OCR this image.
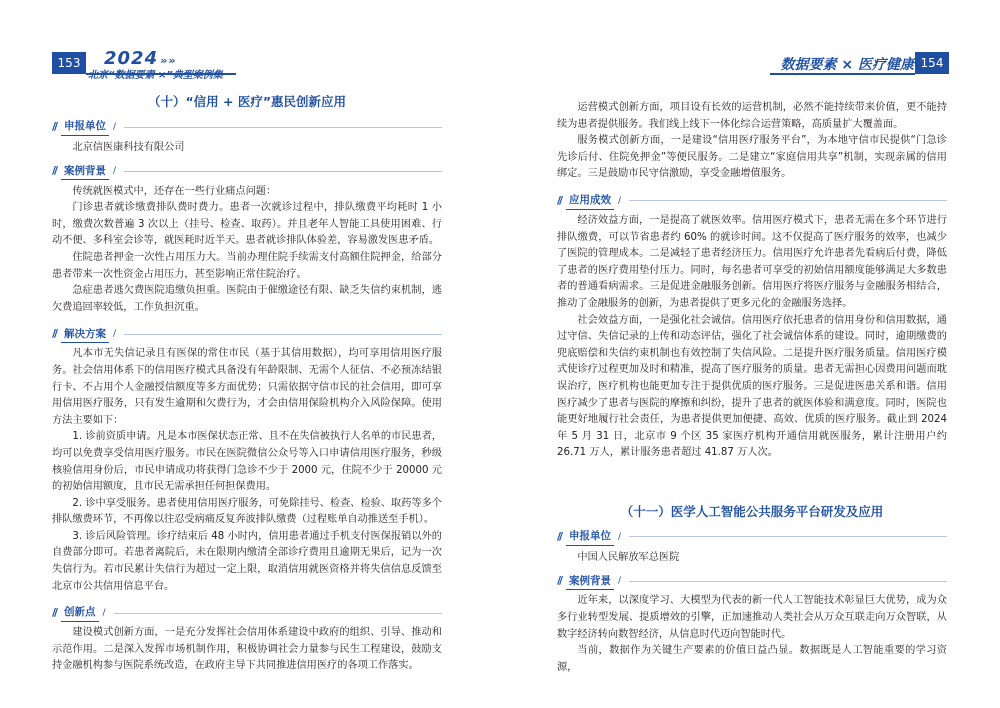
153	2024 »»
北京“数据要素 ×”典型案例集
数据要素 × 医疗健康 154
（十）“信用 + 医疗”惠民创新应用
// 申报单位 /

北京信医康科技有限公司

// 案例背景 /

传统就医模式中，还存在一些行业痛点问题：

门诊患者就诊缴费排队费时费力。患者一次就诊过程中，排队缴费平均耗时 1 小时，缴费次数普遍 3 次以上（挂号、检查、取药）。并且老年人智能工具使用困难、行动不便、多科室会诊等，就医耗时近半天。患者就诊排队体验差，容易激发医患矛盾。

住院患者押金一次性占用压力大。当前办理住院手续需支付高额住院押金，给部分患者带来一次性资金占用压力，甚至影响正常住院治疗。

急症患者逃欠费医院追缴负担重。医院由于催缴途径有限、缺乏失信约束机制，逃欠费追回率较低，工作负担沉重。

// 解决方案 /

凡本市无失信记录且有医保的常住市民（基于其信用数据），均可享用信用医疗服务。社会信用体系下的信用医疗模式具备没有年龄限制、无需个人征信、不必预冻结银行卡、不占用个人金融授信额度等多方面优势；只需依据守信市民的社会信用，即可享用信用医疗服务，只有发生逾期和欠费行为，才会由信用保险机构介入风险保障。使用方法主要如下：

1. 诊前资质申请。凡是本市医保状态正常、且不在失信被执行人名单的市民患者，均可以免费享受信用医疗服务。市民在医院微信公众号等入口申请信用医疗服务，秒级核验信用身份后，市民申请成功将获得门急诊不少于 2000 元，住院不少于 20000 元的初始信用额度，且市民无需承担任何担保费用。

2. 诊中享受服务。患者使用信用医疗服务，可免除挂号、检查、检验、取药等多个排队缴费环节，不再像以往忍受病痛反复奔波排队缴费（过程账单自动推送至手机）。

3. 诊后风险管理。诊疗结束后 48 小时内，信用患者通过手机支付医保报销以外的自费部分即可。若患者离院后，未在限期内缴清全部诊疗费用且逾期无果后，记为一次失信行为。若市民累计失信行为超过一定上限，取消信用就医资格并将失信信息反馈至北京市公共信用信息平台。

// 创新点 /

建设模式创新方面，一是充分发挥社会信用体系建设中政府的组织、引导、推动和示范作用。二是深入发挥市场机制作用，积极协调社会力量参与民生工程建设，鼓励支持金融机构参与医院系统改造，在政府主导下共同推进信用医疗的各项工作落实。

运营模式创新方面，项目设有长效的运营机制，必然不能持续带来价值，更不能持续为患者提供服务。我们线上线下一体化综合运营策略，高质量扩大覆盖面。

服务模式创新方面，一是建设“信用医疗服务平台”，为本地守信市民提供“门急诊先诊后付、住院免押金”等便民服务。二是建立“家庭信用共享”机制，实现亲属的信用绑定。三是鼓励市民守信激励，享受金融增值服务。

// 应用成效 /

经济效益方面，一是提高了就医效率。信用医疗模式下，患者无需在多个环节进行排队缴费，可以节省患者约 60% 的就诊时间。这不仅提高了医疗服务的效率，也减少了医院的管理成本。二是减轻了患者经济压力。信用医疗允许患者先看病后付费，降低了患者的医疗费用垫付压力。同时，每名患者可享受的初始信用额度能够满足大多数患者的普通看病需求。三是促进金融服务创新。信用医疗将医疗服务与金融服务相结合，推动了金融服务的创新，为患者提供了更多元化的金融服务选择。

社会效益方面，一是强化社会诚信。信用医疗依托患者的信用身份和信用数据，通过守信、失信记录的上传和动态评估，强化了社会诚信体系的建设。同时，逾期缴费的兜底赔偿和失信约束机制也有效控制了失信风险。二是提升医疗服务质量。信用医疗模式使诊疗过程更加及时和精准，提高了医疗服务的质量。患者无需担心因费用问题而耽误治疗，医疗机构也能更加专注于提供优质的医疗服务。三是促进医患关系和谐。信用医疗减少了患者与医院的摩擦和纠纷，提升了患者的就医体验和满意度。同时，医院也能更好地履行社会责任，为患者提供更加便捷、高效、优质的医疗服务。截止到 2024 年 5 月 31 日，北京市 9 个区 35 家医疗机构开通信用就医服务，累计注册用户约 26.71 万人，累计服务患者超过 41.87 万人次。

（十一）医学人工智能公共服务平台研发及应用
// 申报单位 /

中国人民解放军总医院

// 案例背景 /

近年来，以深度学习、大模型为代表的新一代人工智能技术彰显巨大优势，成为众多行业转型发展、提质增效的引擎，正加速推动人类社会从万众互联走向万众智联，从数字经济转向数智经济，从信息时代迈向智能时代。

当前，数据作为关键生产要素的价值日益凸显。数据既是人工智能重要的学习资源，
